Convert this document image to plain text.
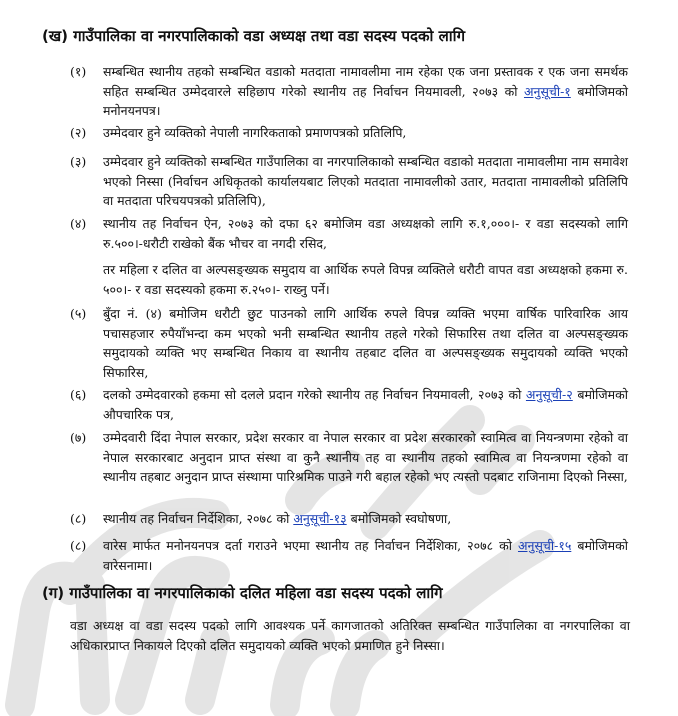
(ख) गाउँपालिका वा नगरपालिकाको वडा अध्यक्ष तथा वडा सदस्य पदको लागि
(१)	सम्बन्धित स्थानीय तहको सम्बन्धित वडाको मतदाता नामावलीमा नाम रहेका एक जना प्रस्तावक र एक जना समर्थक सहित सम्बन्धित उम्मेदवारले सहिछाप गरेको स्थानीय तह निर्वाचन नियमावली, २०७३ को अनुसूची-१ बमोजिमको मनोनयनपत्र।
(२)	उम्मेदवार हुने व्यक्तिको नेपाली नागरिकताको प्रमाणपत्रको प्रतिलिपि,
(३)	उम्मेदवार हुने व्यक्तिको सम्बन्धित गाउँपालिका वा नगरपालिकाको सम्बन्धित वडाको मतदाता नामावलीमा नाम समावेश भएको निस्सा (निर्वाचन अधिकृतको कार्यालयबाट लिएको मतदाता नामावलीको उतार, मतदाता नामावलीको प्रतिलिपि वा मतदाता परिचयपत्रको प्रतिलिपि),
(४)	स्थानीय तह निर्वाचन ऐन, २०७३ को दफा ६२ बमोजिम वडा अध्यक्षको लागि रु.१,०००।- र वडा सदस्यको लागि रु.५००।-धरौटी राखेको बैंक भौचर वा नगदी रसिद,
तर महिला र दलित वा अल्पसङ्ख्यक समुदाय वा आर्थिक रुपले विपन्न व्यक्तिले धरौटी वापत वडा अध्यक्षको हकमा रु. ५००।- र वडा सदस्यको हकमा रु.२५०।- राख्नु पर्ने।
(५)	बुँदा नं. (४) बमोजिम धरौटी छुट पाउनको लागि आर्थिक रुपले विपन्न व्यक्ति भएमा वार्षिक पारिवारिक आय पचासहजार रुपैयाँभन्दा कम भएको भनी सम्बन्धित स्थानीय तहले गरेको सिफारिस तथा दलित वा अल्पसङ्ख्यक समुदायको व्यक्ति भए सम्बन्धित निकाय वा स्थानीय तहबाट दलित वा अल्पसङ्ख्यक समुदायको व्यक्ति भएको सिफारिस,
(६)	दलको उम्मेदवारको हकमा सो दलले प्रदान गरेको स्थानीय तह निर्वाचन नियमावली, २०७३ को अनुसूची-२ बमोजिमको औपचारिक पत्र,
(७)	उम्मेदवारी दिंदा नेपाल सरकार, प्रदेश सरकार वा नेपाल सरकार वा प्रदेश सरकारको स्वामित्व वा नियन्त्रणमा रहेको वा नेपाल सरकारबाट अनुदान प्राप्त संस्था वा कुनै स्थानीय तह वा स्थानीय तहको स्वामित्व वा नियन्त्रणमा रहेको वा स्थानीय तहबाट अनुदान प्राप्त संस्थामा पारिश्रमिक पाउने गरी बहाल रहेको भए त्यस्तो पदबाट राजिनामा दिएको निस्सा,
(८)	स्थानीय तह निर्वाचन निर्देशिका, २०७८ को अनुसूची-१३ बमोजिमको स्वघोषणा,
(८)	वारेस मार्फत मनोनयनपत्र दर्ता गराउने भएमा स्थानीय तह निर्वाचन निर्देशिका, २०७८ को अनुसूची-१५ बमोजिमको वारेसनामा।
(ग) गाउँपालिका वा नगरपालिकाको दलित महिला वडा सदस्य पदको लागि
वडा अध्यक्ष वा वडा सदस्य पदको लागि आवश्यक पर्ने कागजातको अतिरिक्त सम्बन्धित गाउँपालिका वा नगरपालिका वा अधिकारप्राप्त निकायले दिएको दलित समुदायको व्यक्ति भएको प्रमाणित हुने निस्सा।
